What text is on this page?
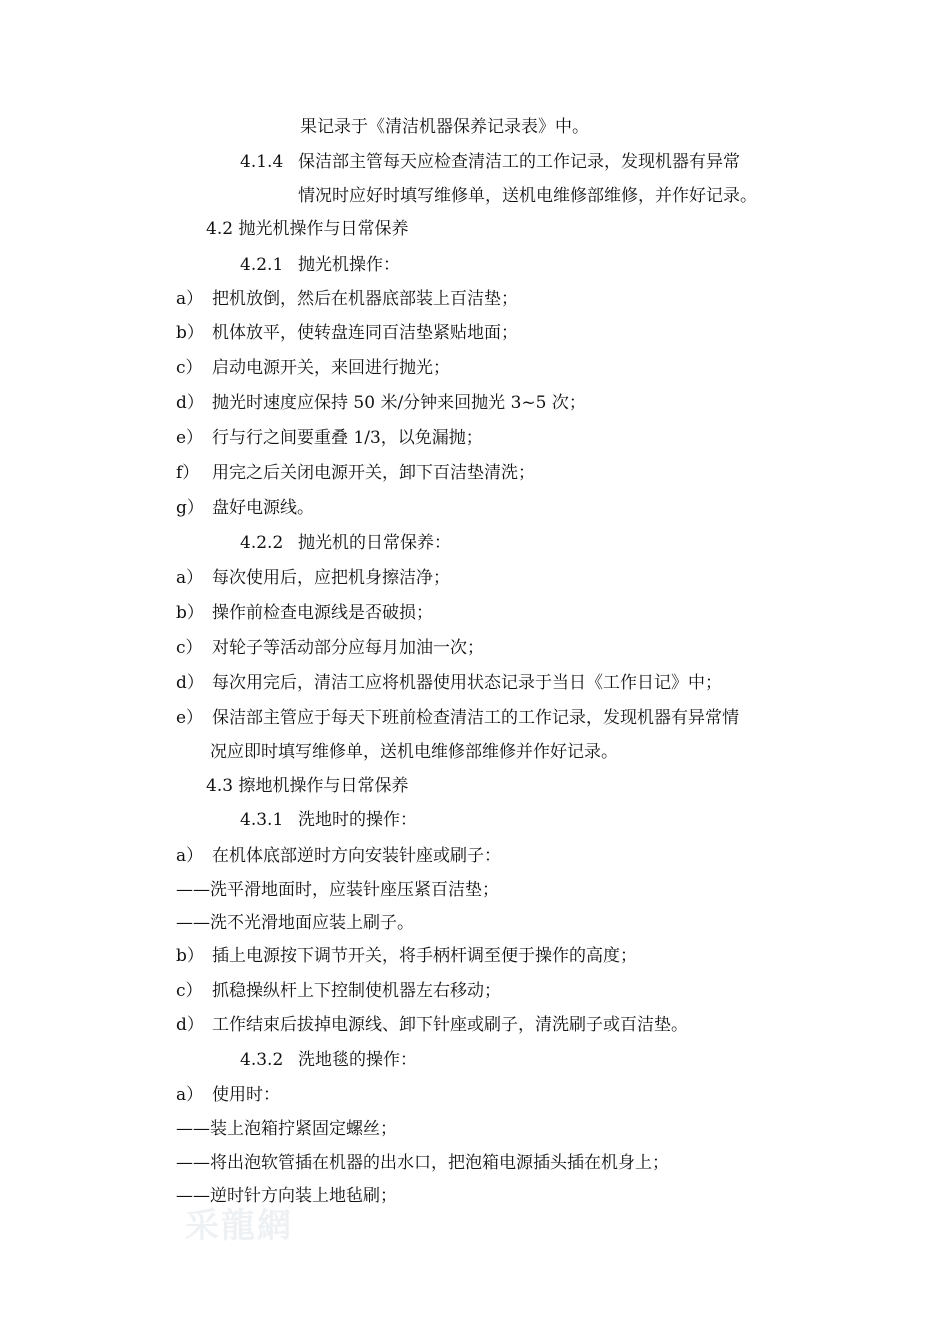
果记录于《清洁机器保养记录表》中。
4.1.4 保洁部主管每天应检查清洁工的工作记录，发现机器有异常
情况时应好时填写维修单，送机电维修部维修，并作好记录。
4.2 抛光机操作与日常保养
4.2.1 抛光机操作：
a） 把机放倒，然后在机器底部装上百洁垫；
b） 机体放平，使转盘连同百洁垫紧贴地面；
c） 启动电源开关，来回进行抛光；
d） 抛光时速度应保持 50 米/分钟来回抛光 3~5 次；
e） 行与行之间要重叠 1/3，以免漏抛；
f） 用完之后关闭电源开关，卸下百洁垫清洗；
g） 盘好电源线。
4.2.2 抛光机的日常保养：
a） 每次使用后，应把机身擦洁净；
b） 操作前检查电源线是否破损；
c） 对轮子等活动部分应每月加油一次；
d） 每次用完后，清洁工应将机器使用状态记录于当日《工作日记》中；
e） 保洁部主管应于每天下班前检查清洁工的工作记录，发现机器有异常情
况应即时填写维修单，送机电维修部维修并作好记录。
4.3 擦地机操作与日常保养
4.3.1 洗地时的操作：
a） 在机体底部逆时方向安装针座或刷子：
——洗平滑地面时，应装针座压紧百洁垫；
——洗不光滑地面应装上刷子。
b） 插上电源按下调节开关，将手柄杆调至便于操作的高度；
c） 抓稳操纵杆上下控制使机器左右移动；
d） 工作结束后拔掉电源线、卸下针座或刷子，清洗刷子或百洁垫。
4.3.2 洗地毯的操作：
a） 使用时：
——装上泡箱拧紧固定螺丝；
——将出泡软管插在机器的出水口，把泡箱电源插头插在机身上；
——逆时针方向装上地毡刷；
采龍網
